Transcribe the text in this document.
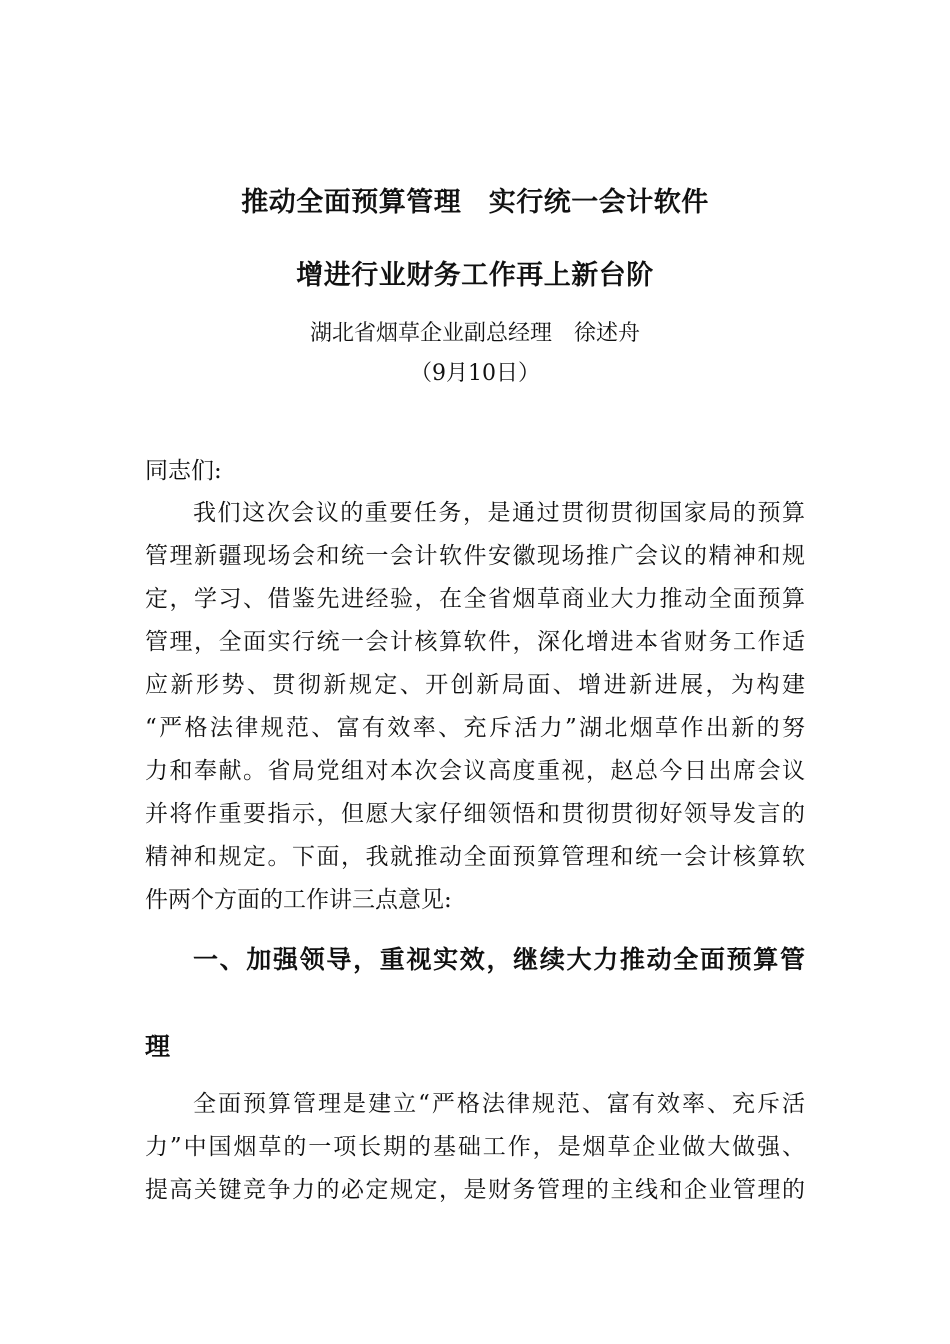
推动全面预算管理　实行统一会计软件
增进行业财务工作再上新台阶
湖北省烟草企业副总经理　徐述舟
（9月10日）
同志们:
我们这次会议的重要任务，是通过贯彻贯彻国家局的预算
管理新疆现场会和统一会计软件安徽现场推广会议的精神和规
定，学习、借鉴先进经验，在全省烟草商业大力推动全面预算
管理，全面实行统一会计核算软件，深化增进本省财务工作适
应新形势、贯彻新规定、开创新局面、增进新进展，为构建
“严格法律规范、富有效率、充斥活力”湖北烟草作出新的努
力和奉献。省局党组对本次会议高度重视，赵总今日出席会议
并将作重要指示，但愿大家仔细领悟和贯彻贯彻好领导发言的
精神和规定。下面，我就推动全面预算管理和统一会计核算软
件两个方面的工作讲三点意见:
一、加强领导，重视实效，继续大力推动全面预算管
理
全面预算管理是建立“严格法律规范、富有效率、充斥活
力”中国烟草的一项长期的基础工作，是烟草企业做大做强、
提高关键竞争力的必定规定，是财务管理的主线和企业管理的
